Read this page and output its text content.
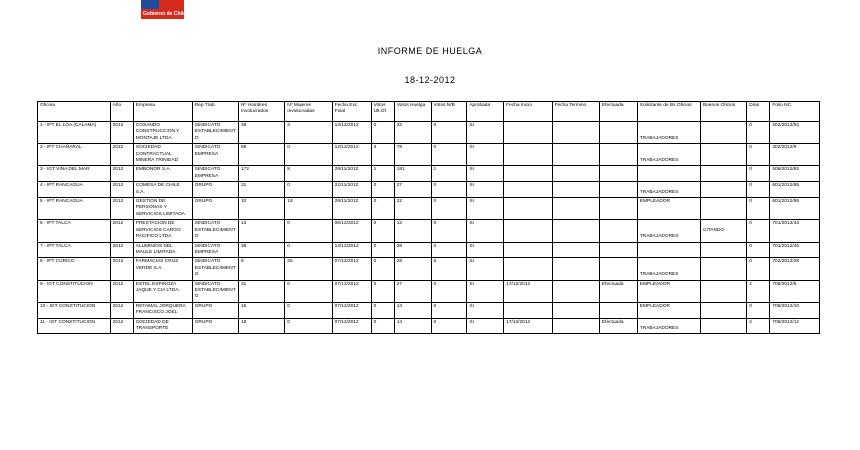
Gobierno de Chile
INFORME DE HUELGA
18-12-2012
Oficina	Año	Empresa	Rep.Trab.	Nº Hombres Involucrados	Nº Mujeres Involucradas	Fecha Exc. Final	Votos Ult.Of.	Votos Huelga	Votos N/B	Aprobada	Fecha Inicio	Fecha Termino	Efectuada	Solicitante de Bs.Oficios	Buenos Oficios	Días	Folio NC
1 - IPT EL LOA (CALAMA)	2012	COSANDO CONSTRUCCION Y MONTAJE LTDA.	SINDICATO ESTABLECIMIENTO	38	3	13/12/2012	0	32	0	SI				TRABAJADORES		0	202/2012/52
2 - IPT CHAÑARAL	2012	SOCIEDAD CONTRACTUAL MINERA TRINIDAD	SINDICATO EMPRESA	68	0	12/12/2012	3	78	0	SI				TRABAJADORES		0	302/2012/9
3 - IGT VIÑA DEL MAR	2012	EMBONOR S.A.	SINDICATO EMPRESA	172	8	29/11/2012	1	181	1	SI						0	508/2012/82
4 - IPT RANCAGUA	2012	COMESA DE CHILE S.A.	GRUPO	31	0	22/11/2012	0	27	0	SI				TRABAJADORES		0	601/2012/85
5 - IPT RANCAGUA	2012	GESTION DE PERSONAS Y SERVICIOS LIMITADA.	GRUPO	10	18	29/11/2012	0	22	0	SI				EMPLEADOR		0	601/2012/88
6 - IPT TALCA	2012	PRESTACION DE SERVICIOS CARGO PACIFICO LTDA.	SINDICATO ESTABLECIMIENTO	13	0	06/12/2012	0	12	0	SI				TRABAJADORES	CITANDO	0	701/2012/43
7 - IPT TALCA	2012	ALUMINIOS DEL MAULE LIMITADA.	SINDICATO EMPRESA	38	0	14/12/2012	0	38	0	SI						0	701/2012/45
8 - IPT CURICO	2012	FARMACIAS CRUZ VERDE S.A.	SINDICATO ESTABLECIMIENTO	8	25	07/12/2012	0	28	5	SI				TRABAJADORES		0	702/2012/28
9 - IGT CONSTITUCION	2012	ESTEL ESPINOZA JAQUE Y CIA LTDA.	SINDICATO ESTABLECIMIENTO	31	0	07/12/2012	0	27	0	SI	17/12/2012		Efectuada	EMPLEADOR		2	705/2012/8
10 - IGT CONSTITUCION	2012	RETAMAL JORQUERA FRANCISCO JOEL	GRUPO	15	0	07/12/2012	0	13	0	SI				EMPLEADOR		0	705/2012/10
11 - IGT CONSTITUCION	2012	SOCIEDAD DE TRANSPORTE	GRUPO	18	0	07/12/2012	0	14	0	SI	17/12/2012		Efectuada	TRABAJADORES		2	705/2012/12
